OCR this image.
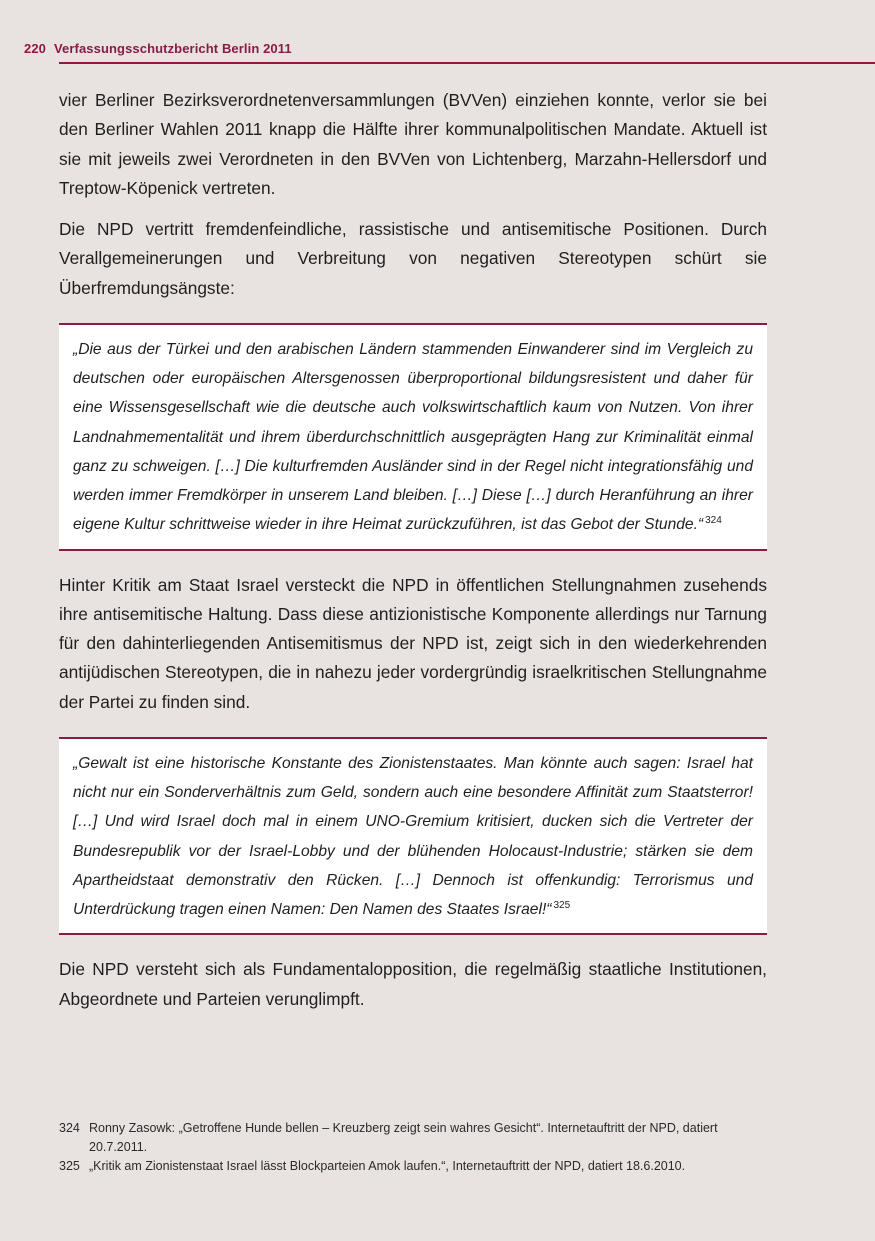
220 Verfassungsschutzbericht Berlin 2011

vier Berliner Bezirksverordnetenversammlungen (BVVen) einziehen konnte, verlor sie bei den Berliner Wahlen 2011 knapp die Hälfte ihrer kommunalpolitischen Mandate. Aktuell ist sie mit jeweils zwei Verordneten in den BVVen von Lichtenberg, Marzahn-Hellersdorf und Treptow-Köpenick vertreten.

Die NPD vertritt fremdenfeindliche, rassistische und antisemitische Positionen. Durch Verallgemeinerungen und Verbreitung von negativen Stereotypen schürt sie Überfremdungsängste:

„Die aus der Türkei und den arabischen Ländern stammenden Einwanderer sind im Vergleich zu deutschen oder europäischen Altersgenossen überproportional bildungsresistent und daher für eine Wissensgesellschaft wie die deutsche auch volkswirtschaftlich kaum von Nutzen. Von ihrer Landnahmementalität und ihrem überdurchschnittlich ausgeprägten Hang zur Kriminalität einmal ganz zu schweigen. […] Die kulturfremden Ausländer sind in der Regel nicht integrationsfähig und werden immer Fremdkörper in unserem Land bleiben. […] Diese […] durch Heranführung an ihrer eigene Kultur schrittweise wieder in ihre Heimat zurückzuführen, ist das Gebot der Stunde.“ $^{324}$

Hinter Kritik am Staat Israel versteckt die NPD in öffentlichen Stellungnahmen zusehends ihre antisemitische Haltung. Dass diese antizionistische Komponente allerdings nur Tarnung für den dahinterliegenden Antisemitismus der NPD ist, zeigt sich in den wiederkehrenden antijüdischen Stereotypen, die in nahezu jeder vordergründig israelkritischen Stellungnahme der Partei zu finden sind.

„Gewalt ist eine historische Konstante des Zionistenstaates. Man könnte auch sagen: Israel hat nicht nur ein Sonderverhältnis zum Geld, sondern auch eine besondere Affinität zum Staatsterror! […] Und wird Israel doch mal in einem UNO-Gremium kritisiert, ducken sich die Vertreter der Bundesrepublik vor der Israel-Lobby und der blühenden Holocaust-Industrie; stärken sie dem Apartheidstaat demonstrativ den Rücken. […] Dennoch ist offenkundig: Terrorismus und Unterdrückung tragen einen Namen: Den Namen des Staates Israel!“ $^{325}$

Die NPD versteht sich als Fundamentalopposition, die regelmäßig staatliche Institutionen, Abgeordnete und Parteien verunglimpft.

324 Ronny Zasowk: „Getroffene Hunde bellen – Kreuzberg zeigt sein wahres Gesicht“. Internetauftritt der NPD, datiert 20.7.2011.
325 „Kritik am Zionistenstaat Israel lässt Blockparteien Amok laufen.“, Internetauftritt der NPD, datiert 18.6.2010.
